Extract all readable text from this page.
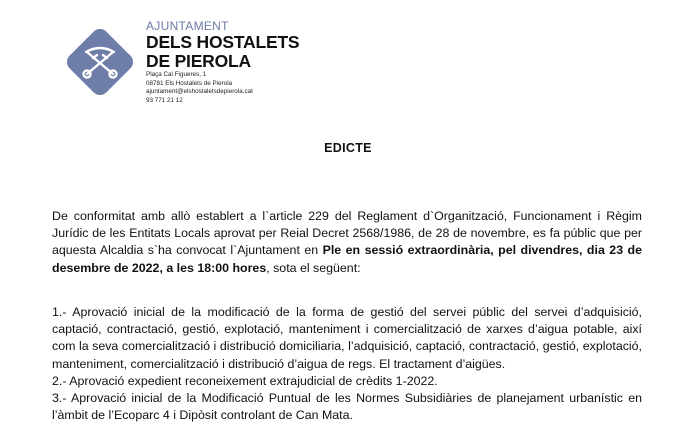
AJUNTAMENT
DELS HOSTALETS
DE PIEROLA
Plaça Cal Figueres, 1
08781 Els Hostalets de Pierola
ajuntament@elshostaletsdepierola.cat
93 771 21 12
EDICTE
De conformitat amb allò establert a l`article 229 del Reglament d`Organització, Funcionament i Règim Jurídic de les Entitats Locals aprovat per Reial Decret 2568/1986, de 28 de novembre, es fa públic que per aquesta Alcaldia s`ha convocat l`Ajuntament en Ple en sessió extraordinària, pel divendres, dia 23 de desembre de 2022, a les 18:00 hores, sota el següent:

1.- Aprovació inicial de la modificació de la forma de gestió del servei públic del servei d’adquisició, captació, contractació, gestió, explotació, manteniment i comercialització de xarxes d’aigua potable, així com la seva comercialització i distribució domiciliaria, l’adquisició, captació, contractació, gestió, explotació, manteniment, comercialització i distribució d’aigua de regs. El tractament d’aigües.

2.- Aprovació expedient reconeixement extrajudicial de crèdits 1-2022.

3.- Aprovació inicial de la Modificació Puntual de les Normes Subsidiàries de planejament urbanístic en l’àmbit de l’Ecoparc 4 i Dipòsit controlant de Can Mata.
